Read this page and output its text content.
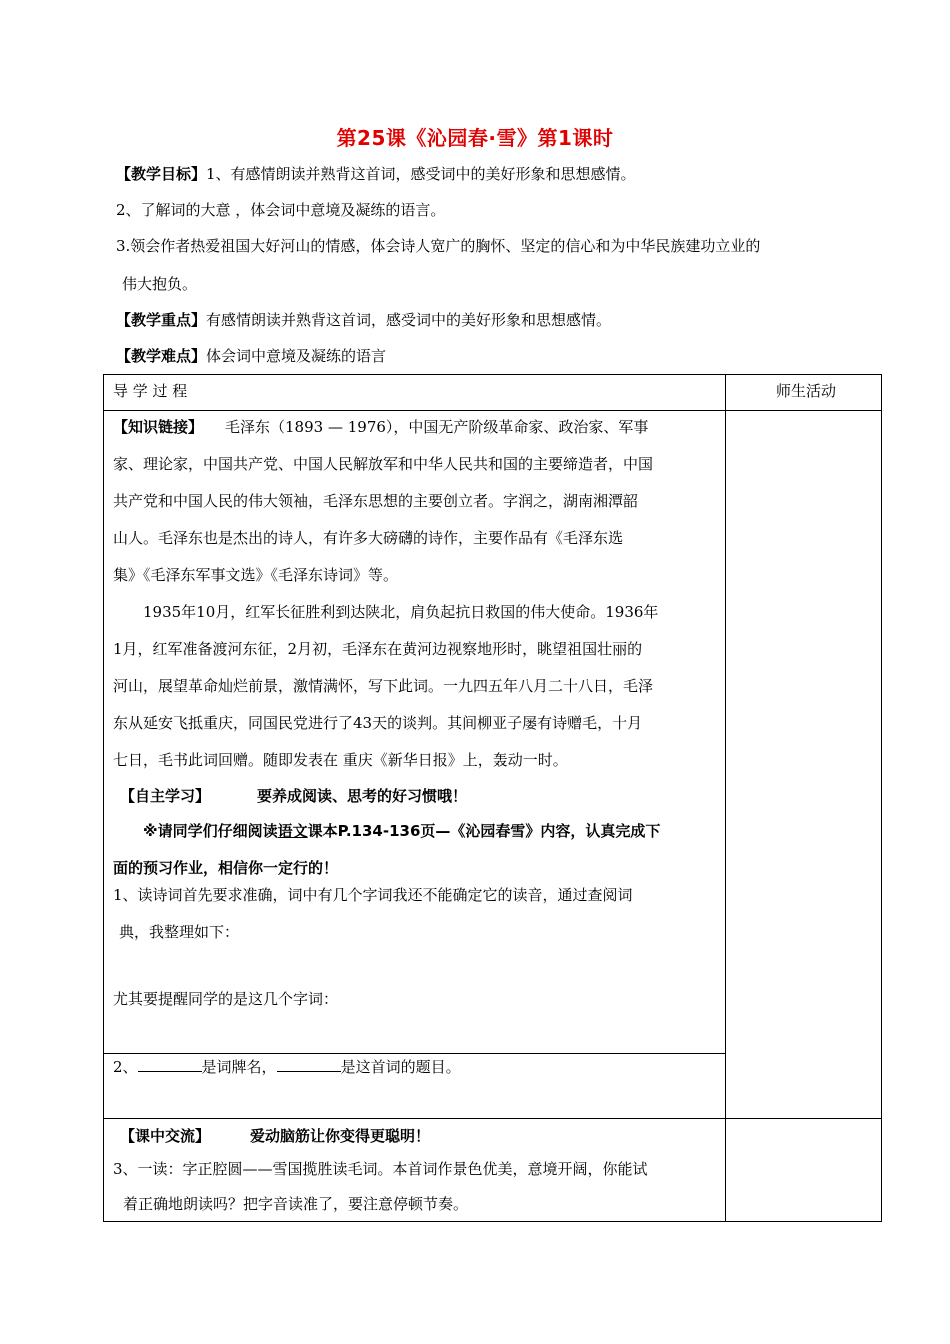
第25课《沁园春·雪》第1课时
【教学目标】1、有感情朗读并熟背这首词，感受词中的美好形象和思想感情。
2、了解词的大意 ，体会词中意境及凝练的语言。
3.领会作者热爱祖国大好河山的情感，体会诗人宽广的胸怀、坚定的信心和为中华民族建功立业的
伟大抱负。
【教学重点】有感情朗读并熟背这首词，感受词中的美好形象和思想感情。
【教学难点】体会词中意境及凝练的语言
导 学 过 程	师生活动
【知识链接】 毛泽东（1893 — 1976），中国无产阶级革命家、政治家、军事
家、理论家，中国共产党、中国人民解放军和中华人民共和国的主要缔造者，中国
共产党和中国人民的伟大领袖，毛泽东思想的主要创立者。字润之，湖南湘潭韶
山人。毛泽东也是杰出的诗人，有许多大磅礴的诗作，主要作品有《毛泽东选
集》《毛泽东军事文选》《毛泽东诗词》等。
1935年10月，红军长征胜利到达陕北，肩负起抗日救国的伟大使命。1936年
1月，红军准备渡河东征，2月初，毛泽东在黄河边视察地形时，眺望祖国壮丽的
河山，展望革命灿烂前景，激情满怀，写下此词。一九四五年八月二十八日，毛泽
东从延安飞抵重庆，同国民党进行了43天的谈判。其间柳亚子屡有诗赠毛，十月
七日，毛书此词回赠。随即发表在 重庆《新华日报》上，轰动一时。
【自主学习】	要养成阅读、思考的好习惯哦！
※请同学们仔细阅读语文课本P.134-136页—《沁园春雪》内容，认真完成下
面的预习作业，相信你一定行的！
1、读诗词首先要求准确，词中有几个字词我还不能确定它的读音，通过查阅词
典，我整理如下：
尤其要提醒同学的是这几个字词：
2、	是词牌名，	是这首词的题目。
【课中交流】	爱动脑筋让你变得更聪明！
3、一读：字正腔圆——雪国揽胜读毛词。本首词作景色优美，意境开阔，你能试
着正确地朗读吗？把字音读准了，要注意停顿节奏。
